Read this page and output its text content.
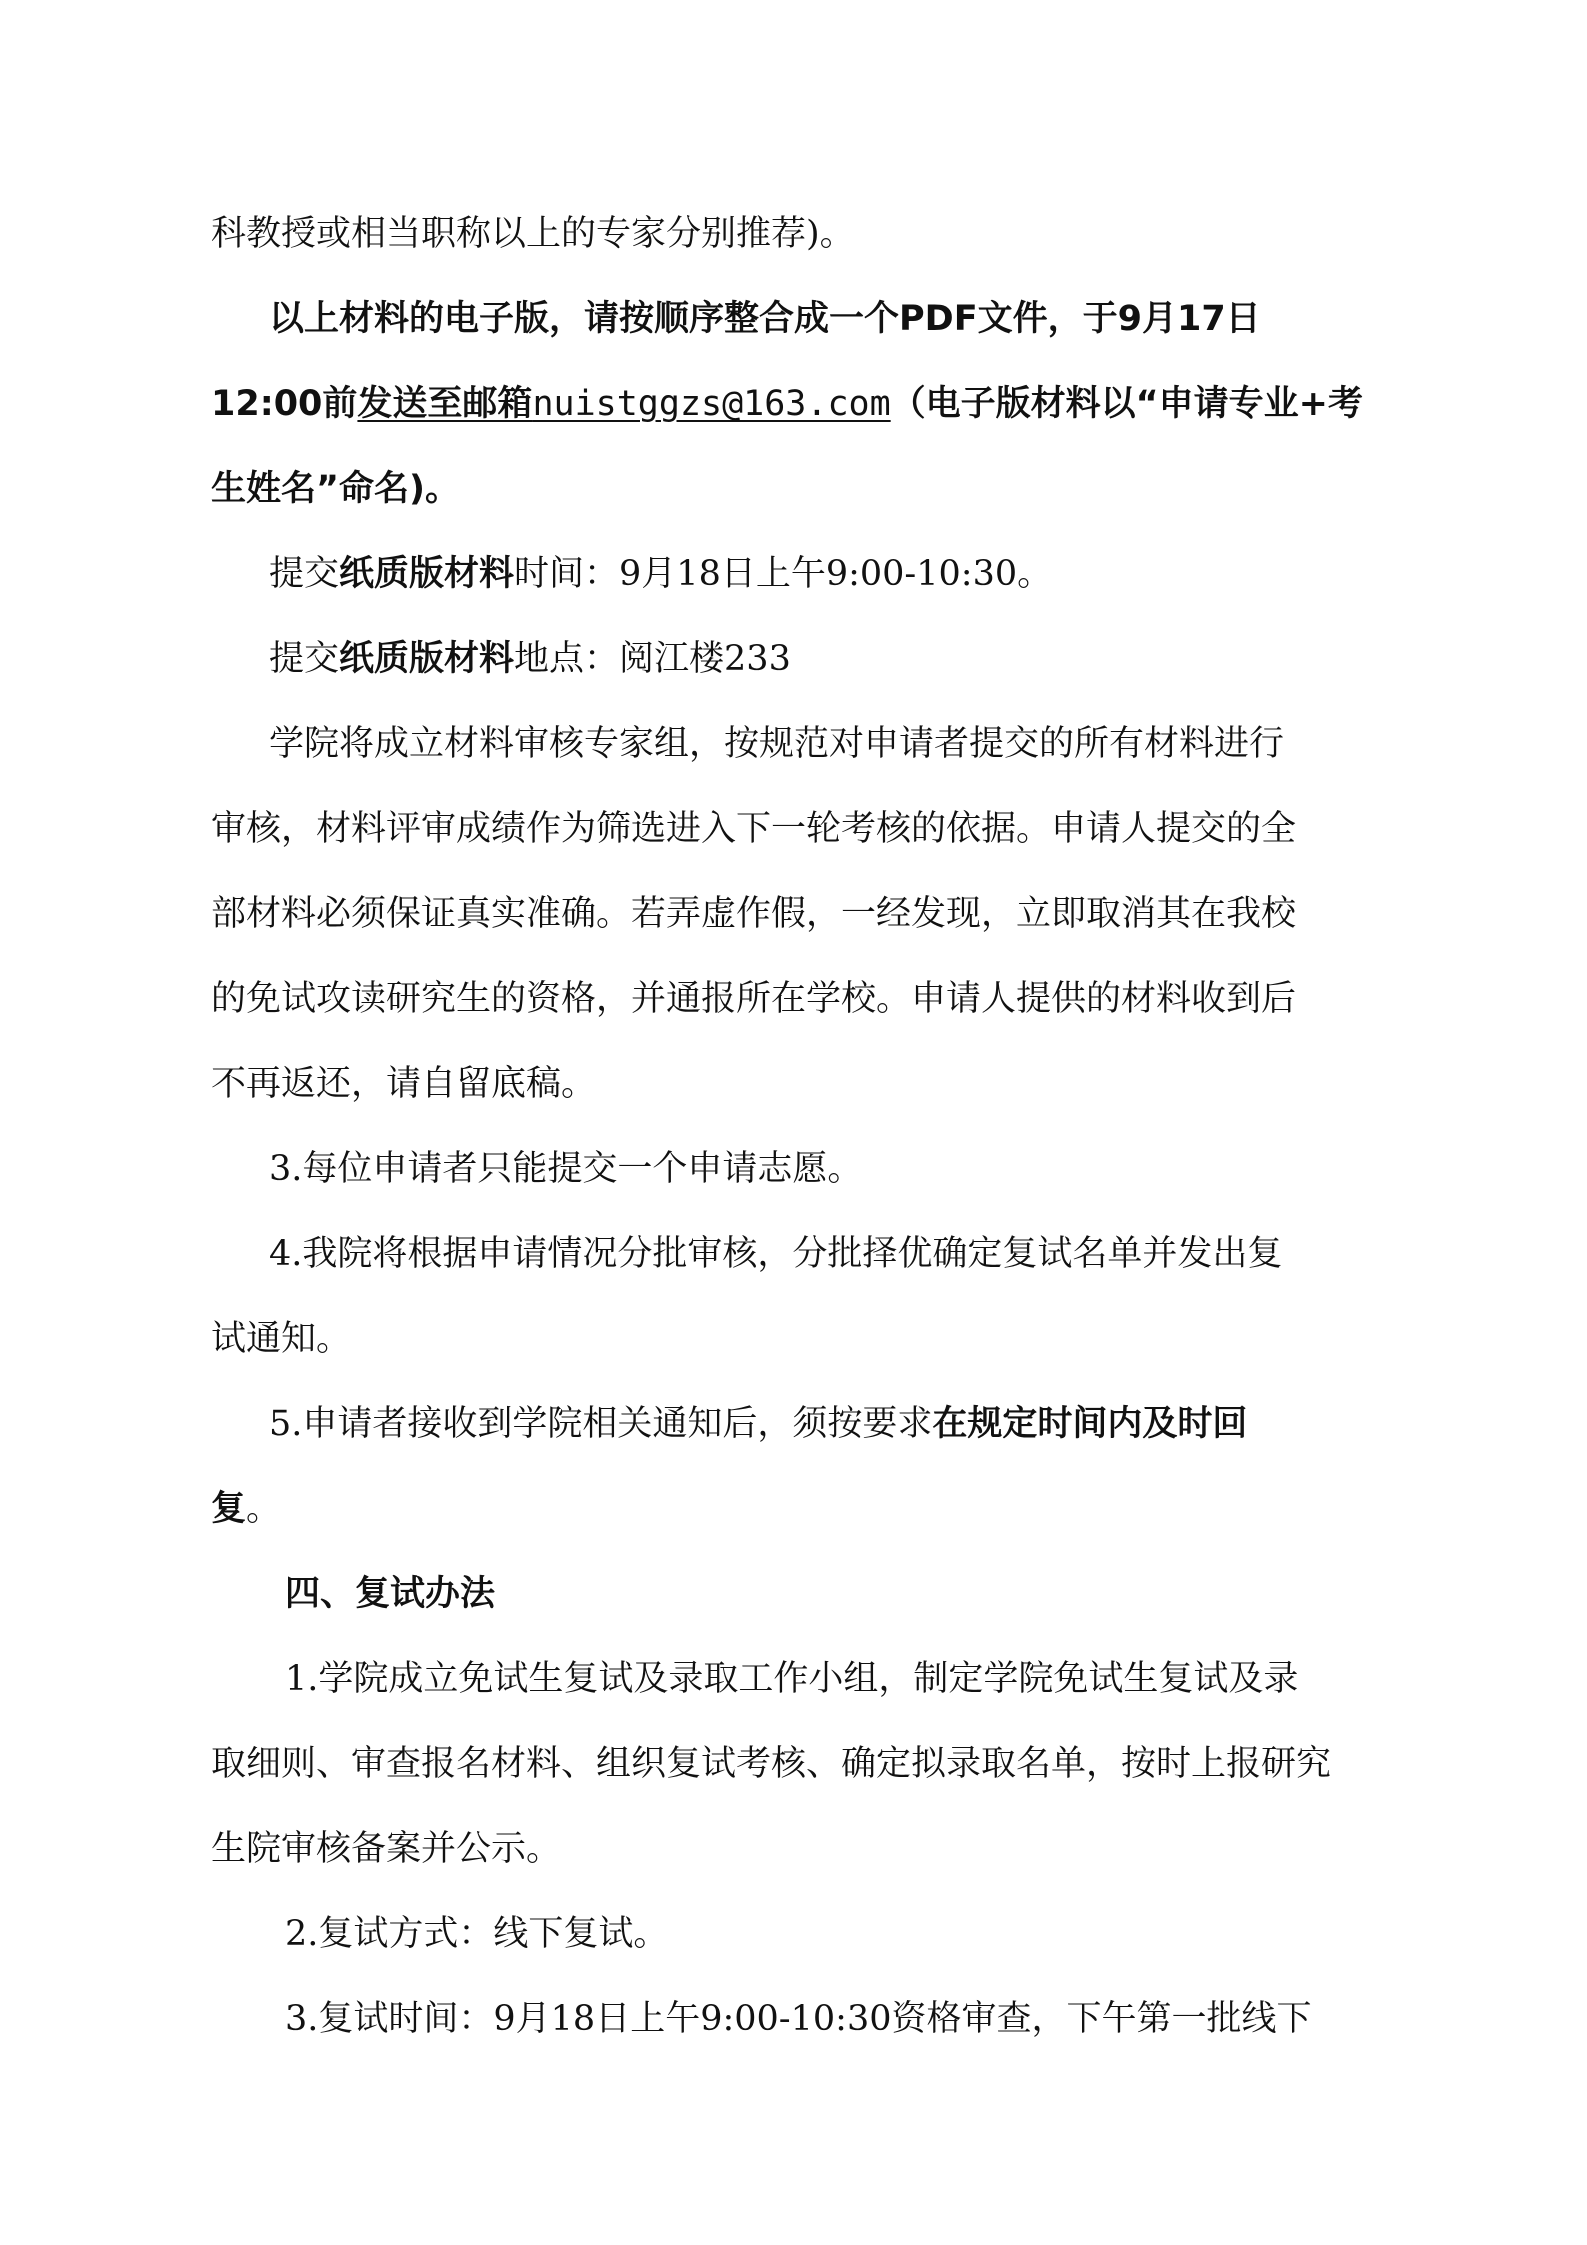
科教授或相当职称以上的专家分别推荐)。
以上材料的电子版，请按顺序整合成一个PDF文件，于9月17日
12:00前发送至邮箱nuistggzs@163.com（电子版材料以“申请专业+考
生姓名”命名)。
提交纸质版材料时间：9月18日上午9:00-10:30。
提交纸质版材料地点：阅江楼233
学院将成立材料审核专家组，按规范对申请者提交的所有材料进行
审核，材料评审成绩作为筛选进入下一轮考核的依据。申请人提交的全
部材料必须保证真实准确。若弄虚作假，一经发现，立即取消其在我校
的免试攻读研究生的资格，并通报所在学校。申请人提供的材料收到后
不再返还，请自留底稿。
3.每位申请者只能提交一个申请志愿。
4.我院将根据申请情况分批审核，分批择优确定复试名单并发出复
试通知。
5.申请者接收到学院相关通知后，须按要求在规定时间内及时回
复。
四、复试办法
1.学院成立免试生复试及录取工作小组，制定学院免试生复试及录
取细则、审查报名材料、组织复试考核、确定拟录取名单，按时上报研究
生院审核备案并公示。
2.复试方式：线下复试。
3.复试时间：9月18日上午9:00-10:30资格审查，下午第一批线下
